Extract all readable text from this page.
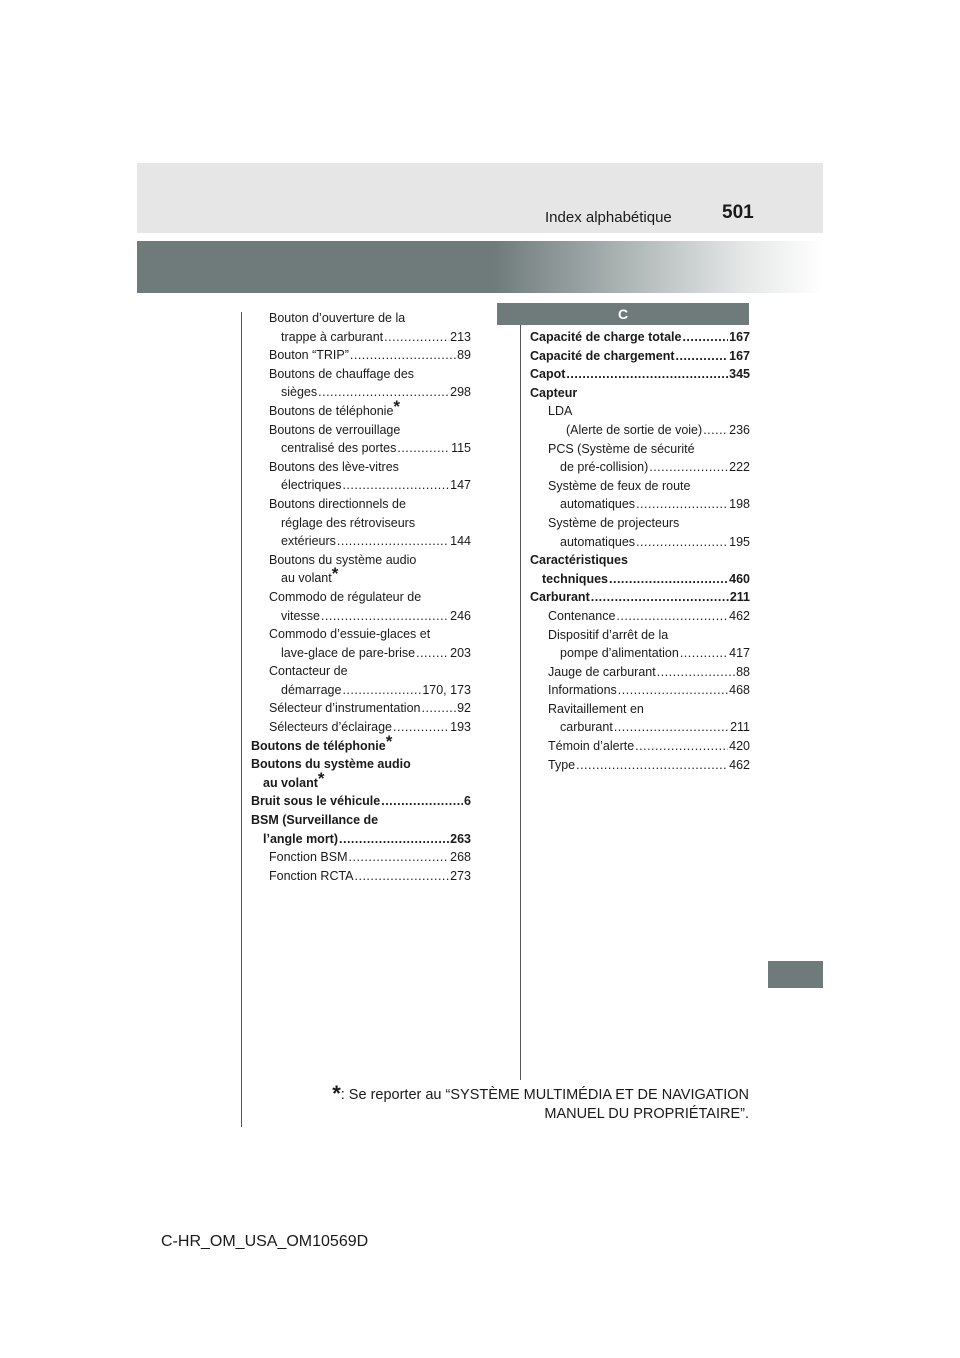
Index alphabétique	501
Bouton d’ouverture de la
trappe à carburant .....	213
Bouton “TRIP” .....	89
Boutons de chauffage des
sièges .....	298
Boutons de téléphonie*
Boutons de verrouillage
centralisé des portes .....	115
Boutons des lève-vitres
électriques .....	147
Boutons directionnels de
réglage des rétroviseurs
extérieurs .....	144
Boutons du système audio
au volant*
Commodo de régulateur de
vitesse .....	246
Commodo d’essuie-glaces et
lave-glace de pare-brise .....	203
Contacteur de
démarrage .....	170, 173
Sélecteur d’instrumentation .....	92
Sélecteurs d’éclairage .....	193
Boutons de téléphonie*
Boutons du système audio
au volant*
Bruit sous le véhicule .....	6
BSM (Surveillance de
l’angle mort) .....	263
Fonction BSM .....	268
Fonction RCTA .....	273
C
Capacité de charge totale .....	167
Capacité de chargement .....	167
Capot .....	345
Capteur
LDA
(Alerte de sortie de voie) ..... 236
PCS (Système de sécurité
de pré-collision) .....	222
Système de feux de route
automatiques .....	198
Système de projecteurs
automatiques .....	195
Caractéristiques
techniques .....	460
Carburant .....	211
Contenance .....	462
Dispositif d’arrêt de la
pompe d’alimentation .....	417
Jauge de carburant .....	88
Informations .....	468
Ravitaillement en
carburant .....	211
Témoin d’alerte .....	420
Type .....	462
*: Se reporter au “SYSTÈME MULTIMÉDIA ET DE NAVIGATION
MANUEL DU PROPRIÉTAIRE”.
C-HR_OM_USA_OM10569D
